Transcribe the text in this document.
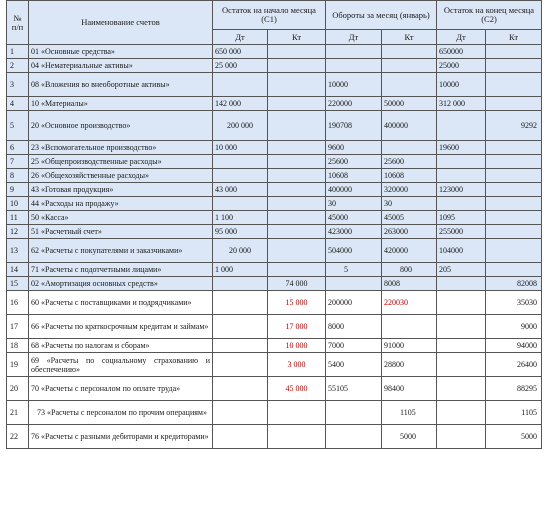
№ п/п	Наименование счетов	Остаток на начало месяца (С1)		Обороты за месяц (январь)		Остаток на конец месяца (С2)	
		Дт	Кт	Дт	Кт	Дт	Кт
1	01 «Основные средства»	650 000				650000	
2	04 «Нематериальные активы»	25 000				25000	
3	08 «Вложения во внеоборотные активы»			10000		10000	
4	10 «Материалы»	142 000		220000	50000	312 000	
5	20 «Основное производство»	200 000		190708	400000		9292
6	23 «Вспомогательное производство»	10 000		9600		19600	
7	25 «Общепроизводственные расходы»			25600	25600		
8	26 «Общехозяйственные расходы»			10608	10608		
9	43 «Готовая продукция»	43 000		400000	320000	123000	
10	44 «Расходы на продажу»			30	30		
11	50 «Касса»	1 100		45000	45005	1095	
12	51 «Расчетный счет»	95 000		423000	263000	255000	
13	62 «Расчеты с покупателями и заказчиками»	20 000		504000	420000	104000	
14	71 «Расчеты с подотчетными лицами»	1 000		5	800	205	
15	02 «Амортизация основных средств»		74 000		8008		82008
16	60 «Расчеты с поставщиками и подрядчиками»		15 000	200000	220030		35030
17	66 «Расчеты по краткосрочным кредитам и займам»		17 000	8000			9000
18	68 «Расчеты по налогам и сборам»		10 000	7000	91000		94000
19	69 «Расчеты по социальному страхованию и обеспечению»		3 000	5400	28800		26400
20	70 «Расчеты с персоналом по оплате труда»		45 000	55105	98400		88295
21	73 «Расчеты с персоналом по прочим операциям»				1105		1105
22	76 «Расчеты с разными дебиторами и кредиторами»				5000		5000
